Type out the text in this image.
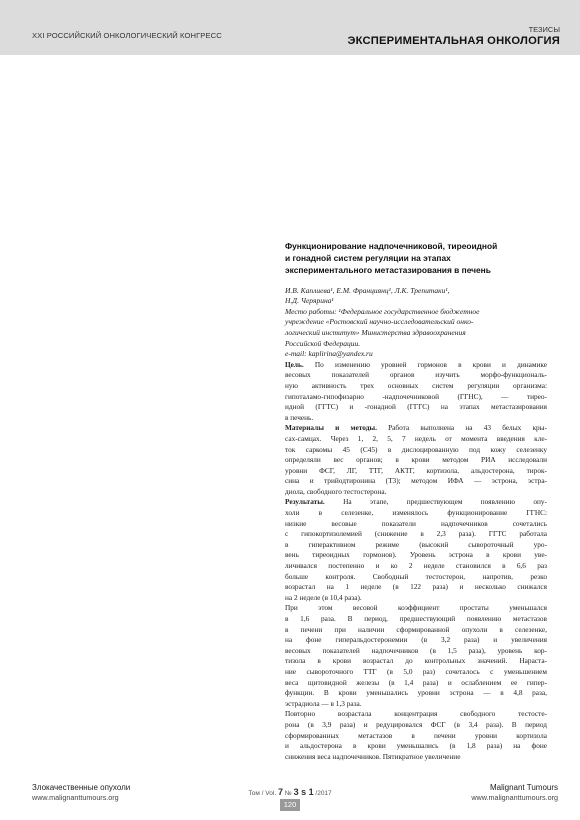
XXI РОССИЙСКИЙ ОНКОЛОГИЧЕСКИЙ КОНГРЕСС
ТЕЗИСЫ
ЭКСПЕРИМЕНТАЛЬНАЯ ОНКОЛОГИЯ
Функционирование надпочечниковой, тиреоидной
и гонадной систем регуляции на этапах
экспериментального метастазирования в печень
И.В. Каплиева¹, Е.М. Франциянц¹, Л.К. Трепитаки¹,
Н.Д. Черярина¹
Место работы: ¹Федеральное государственное бюджетное
учреждение «Ростовский научно-исследовательский онко-
логический институт» Министерства здравоохранения
Российской Федерации.
e-mail: kaplirina@yandex.ru
Цель. По изменению уровней гормонов в крови и динамике
весовых показателей органов изучить морфо-функциональ-
ную активность трех основных систем регуляции организма:
гипоталамо-гипофизарно -надпочечниковой (ГГНС), — тирео-
идной (ГГТС) и -гонадной (ГГГС) на этапах метастазирования
в печень.
Материалы и методы. Работа выполнена на 43 белых кры-
сах-самцах. Через 1, 2, 5, 7 недель от момента введения кле-
ток саркомы 45 (С45) в дислоцированную под кожу селезенку
определяли вес органов; в крови методом РИА исследовали
уровни ФСГ, ЛГ, ТТГ, АКТГ, кортизола, альдостерона, тирок-
сина и трийодтиронина (Т3); методом ИФА — эстрона, эстра-
диола, свободного тестостерона.
Результаты. На этапе, предшествующем появлению опу-
холи в селезенке, изменялось функционирование ГГНС:
низкие весовые показатели надпочечников сочетались
с гипокортизолемией (снижение в 2,3 раза). ГГТС работала
в гиперактивном режиме (высокий сывороточный уро-
вень тиреоидных гормонов). Уровень эстрона в крови уве-
личивался постепенно и ко 2 неделе становился в 6,6 раз
больше контроля. Свободный тестостерон, напротив, резко
возрастал на 1 неделе (в 122 раза) и несколько снижался
на 2 неделе (в 10,4 раза).
При этом весовой коэффициент простаты уменьшался
в 1,6 раза. В период, предшествующий появлению метастазов
в печени при наличии сформированной опухоли в селезенке,
на фоне гиперальдостеронемии (в 3,2 раза) и увеличения
весовых показателей надпочечников (в 1,5 раза), уровень кор-
тизола в крови возрастал до контрольных значений. Нараста-
ние сывороточного ТТГ (в 5,0 раз) сочеталось с уменьшением
веса щитовидной железы (в 1,4 раза) и ослаблением ее гипер-
функции. В крови уменьшались уровни эстрона — в 4,8 раза,
эстрадиола — в 1,3 раза.
Повторно возрастала концентрация свободного тестосте-
рона (в 3,9 раза) и редуцировался ФСГ (в 3,4 раза). В период
сформированных метастазов в печени уровни кортизола
и альдостерона в крови уменьшались (в 1,8 раза) на фоне
снижения веса надпочечников. Пятикратное увеличение
Злокачественные опухоли
www.malignanttumours.org	Том / Vol. 7 № 3 s 1 /2017
120
Malignant Tumours
www.malignanttumours.org
